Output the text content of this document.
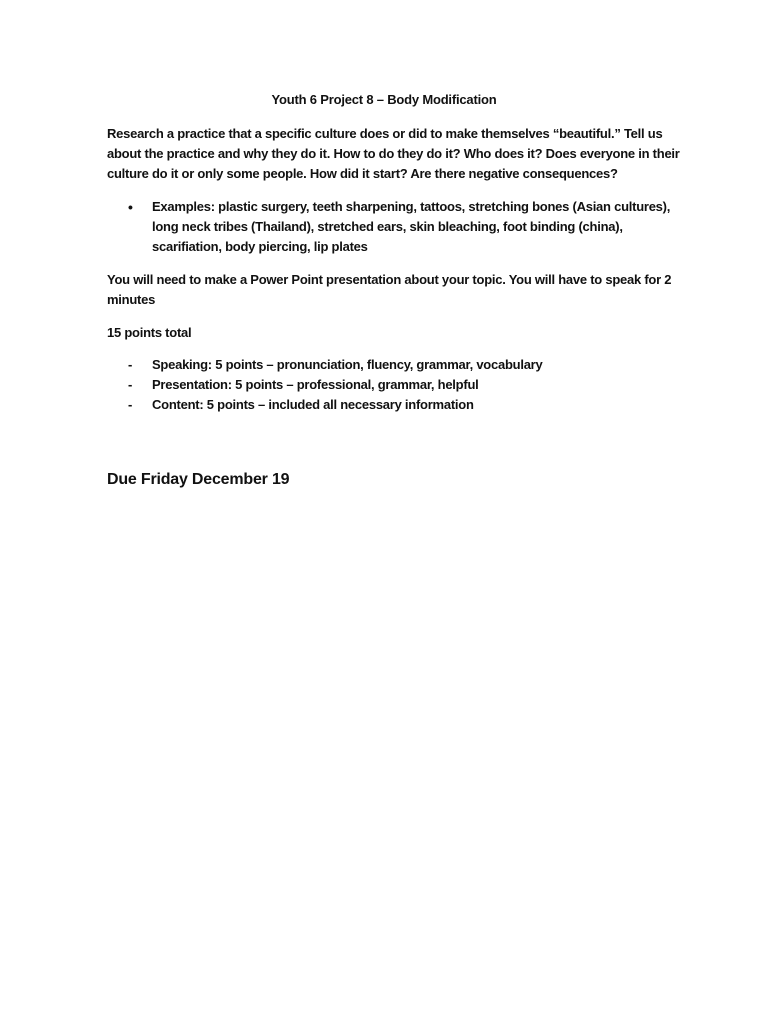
Youth 6 Project 8 – Body Modification
Research a practice that a specific culture does or did to make themselves “beautiful.” Tell us
about the practice and why they do it. How to do they do it? Who does it? Does everyone in their
culture do it or only some people. How did it start? Are there negative consequences?
• Examples: plastic surgery, teeth sharpening, tattoos, stretching bones (Asian cultures),
long neck tribes (Thailand), stretched ears, skin bleaching, foot binding (china),
scarifiation, body piercing, lip plates
You will need to make a Power Point presentation about your topic. You will have to speak for 2
minutes
15 points total
- Speaking: 5 points – pronunciation, fluency, grammar, vocabulary
- Presentation: 5 points – professional, grammar, helpful
- Content: 5 points – included all necessary information
Due Friday December 19
